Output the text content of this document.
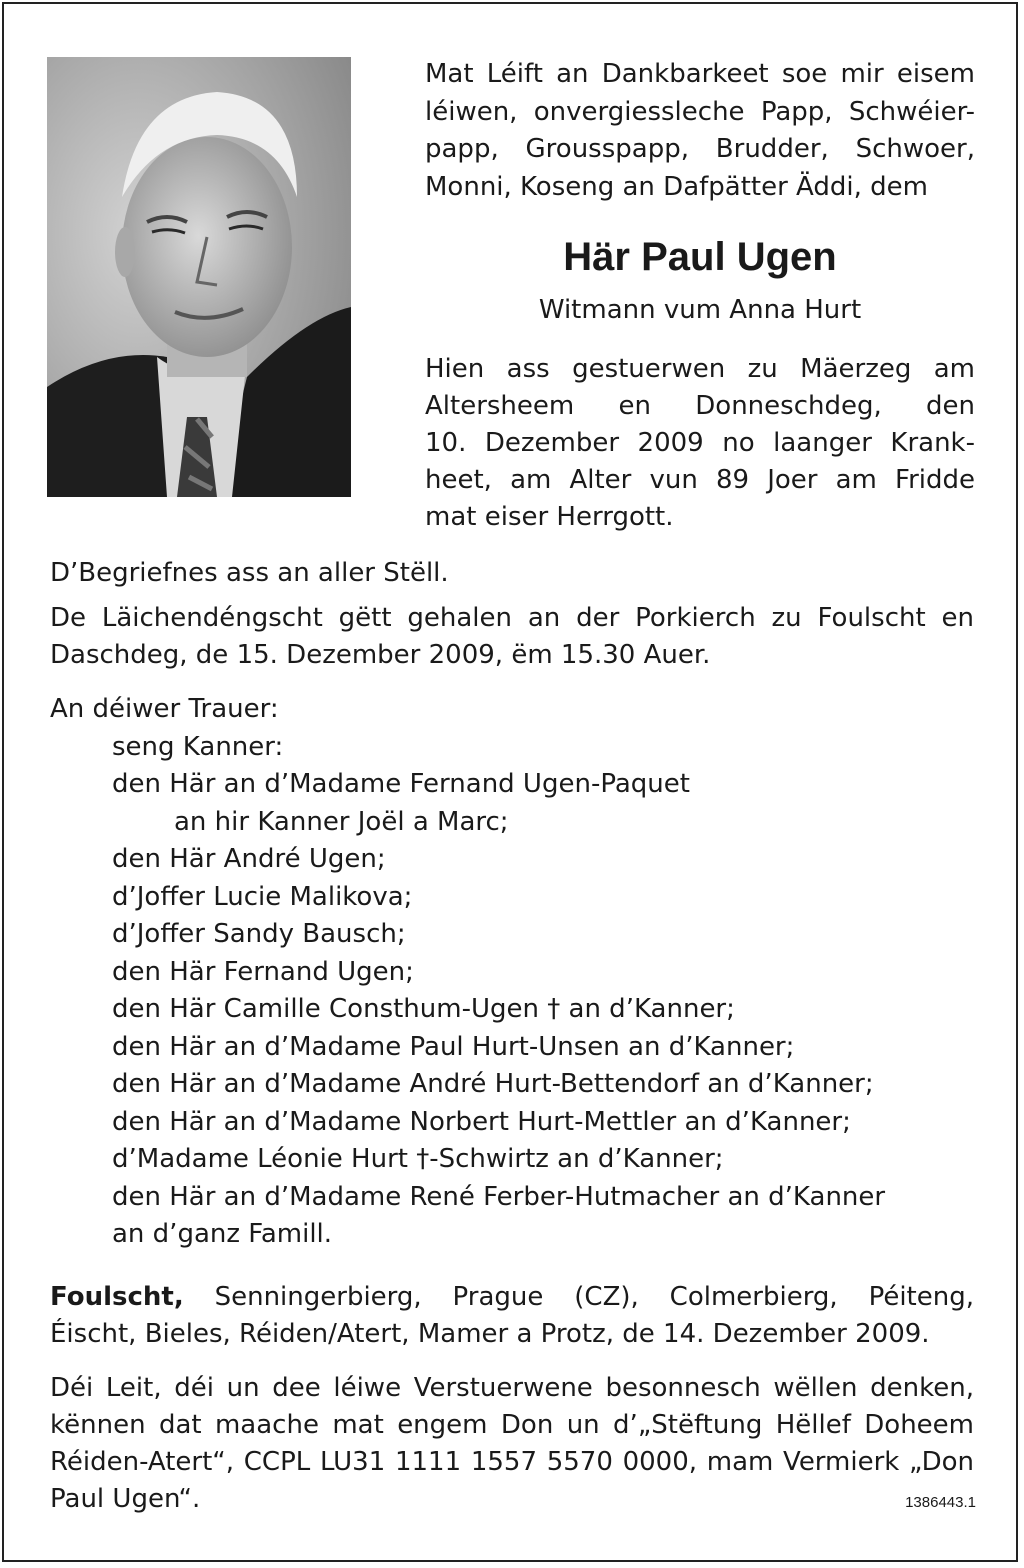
Mat Léift an Dankbarkeet soe mir eisem
léiwen, onvergiessleche Papp, Schwéier-
papp, Grousspapp, Brudder, Schwoer,
Monni, Koseng an Dafpätter Äddi, dem
Här Paul Ugen
Witmann vum Anna Hurt
Hien ass gestuerwen zu Mäerzeg am
Altersheem en Donneschdeg, den
10. Dezember 2009 no laanger Krank-
heet, am Alter vun 89 Joer am Fridde
mat eiser Herrgott.
D’Begriefnes ass an aller Stëll.
De Läichendéngscht gëtt gehalen an der Porkierch zu Foulscht en
Daschdeg, de 15. Dezember 2009, ëm 15.30 Auer.
An déiwer Trauer:
seng Kanner:
den Här an d’Madame Fernand Ugen-Paquet
an hir Kanner Joël a Marc;
den Här André Ugen;
d’Joffer Lucie Malikova;
d’Joffer Sandy Bausch;
den Här Fernand Ugen;
den Här Camille Consthum-Ugen † an d’Kanner;
den Här an d’Madame Paul Hurt-Unsen an d’Kanner;
den Här an d’Madame André Hurt-Bettendorf an d’Kanner;
den Här an d’Madame Norbert Hurt-Mettler an d’Kanner;
d’Madame Léonie Hurt †-Schwirtz an d’Kanner;
den Här an d’Madame René Ferber-Hutmacher an d’Kanner
an d’ganz Famill.
Foulscht, Senningerbierg, Prague (CZ), Colmerbierg, Péiteng,
Éischt, Bieles, Réiden/Atert, Mamer a Protz, de 14. Dezember 2009.
Déi Leit, déi un dee léiwe Verstuerwene besonnesch wëllen denken,
kënnen dat maache mat engem Don un d’„Stëftung Hëllef Doheem
Réiden-Atert“, CCPL LU31 1111 1557 5570 0000, mam Vermierk „Don
Paul Ugen“.	1386443.1
